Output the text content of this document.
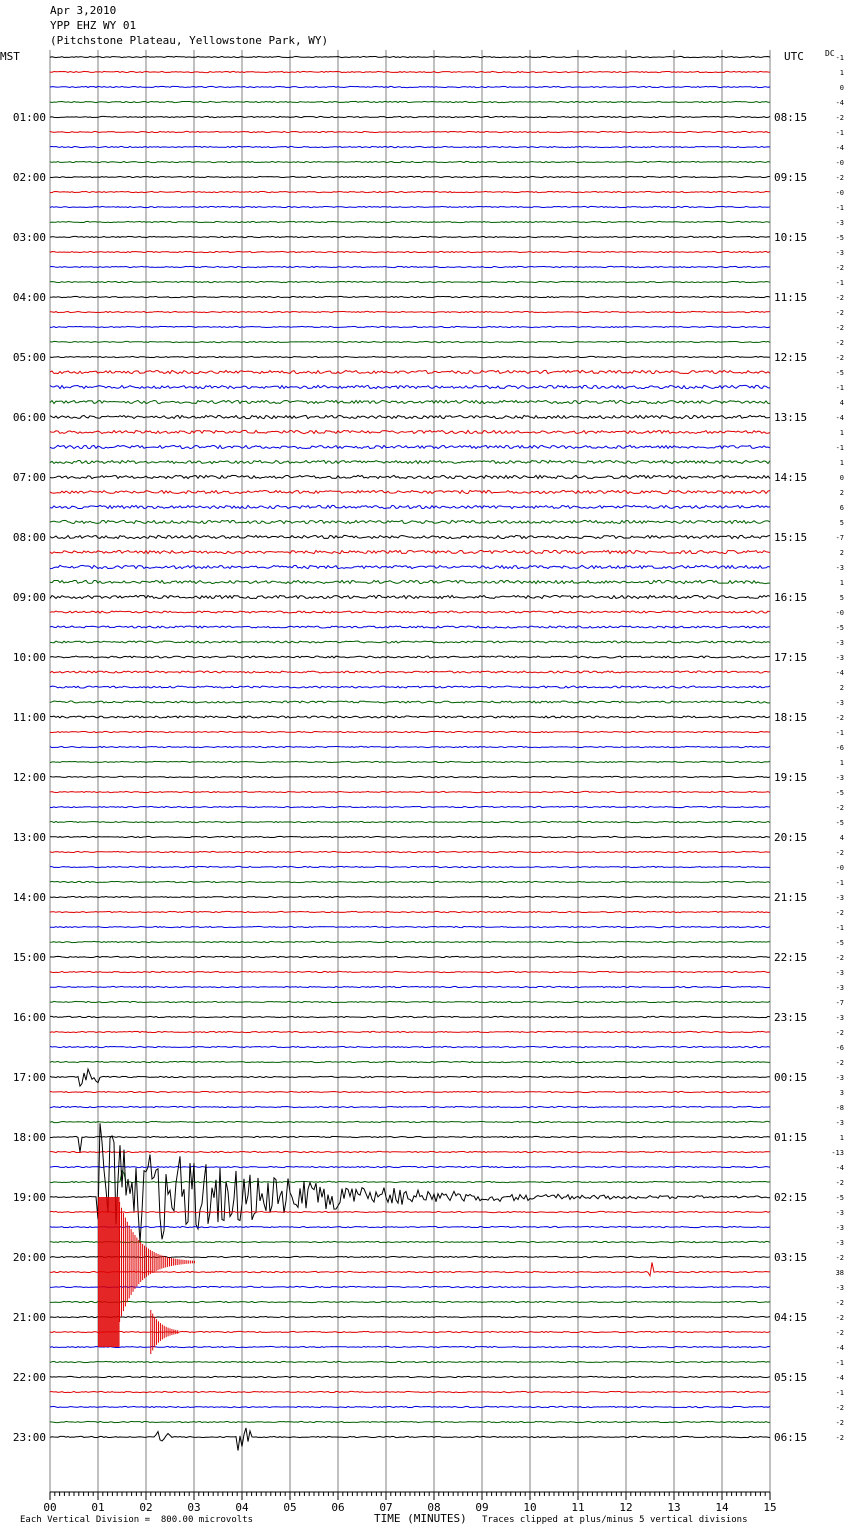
Apr 3,2010
YPP EHZ WY 01
(Pitchstone Plateau, Yellowstone Park, WY)
00	01	02	03	04	05	06	07	08	09	10	11	12	13	14	15
-1
1
0
-4
-2
-1
-4
-0
-2
-0
-1
-3
-5
-3
-2
-1
-2
-2
-2
-2
-2
-5
-1
4
-4
1
-1
1
0
2
6
5
-7
2
-3
1
5
-0
-5
-3
-3
-4
2
-3
-2
-1
-6
1
-3
-5
-2
-5
4
-2
-0
-1
-3
-2
-1
-5
-2
-3
-3
-7
-3
-2
-6
-2
-3
3
-8
-3
1
-13
-4
-2
-5
-3
-3
-3
-2
38
-3
-2
-2
-2
-4
-1
-4
-1
-2
-2
-2
01:00
02:00
03:00
04:00
05:00
06:00
07:00
08:00
09:00
10:00
11:00
12:00
13:00
14:00
15:00
16:00
17:00
18:00
19:00
20:00
21:00
22:00
23:00
08:15
09:15
10:15
11:15
12:15
13:15
14:15
15:15
16:15
17:15
18:15
19:15
20:15
21:15
22:15
23:15
00:15
01:15
02:15
03:15
04:15
05:15
06:15
MST	UTC	DC
Each Vertical Division =  800.00 microvolts	TIME (MINUTES) Traces clipped at plus/minus 5 vertical divisions
